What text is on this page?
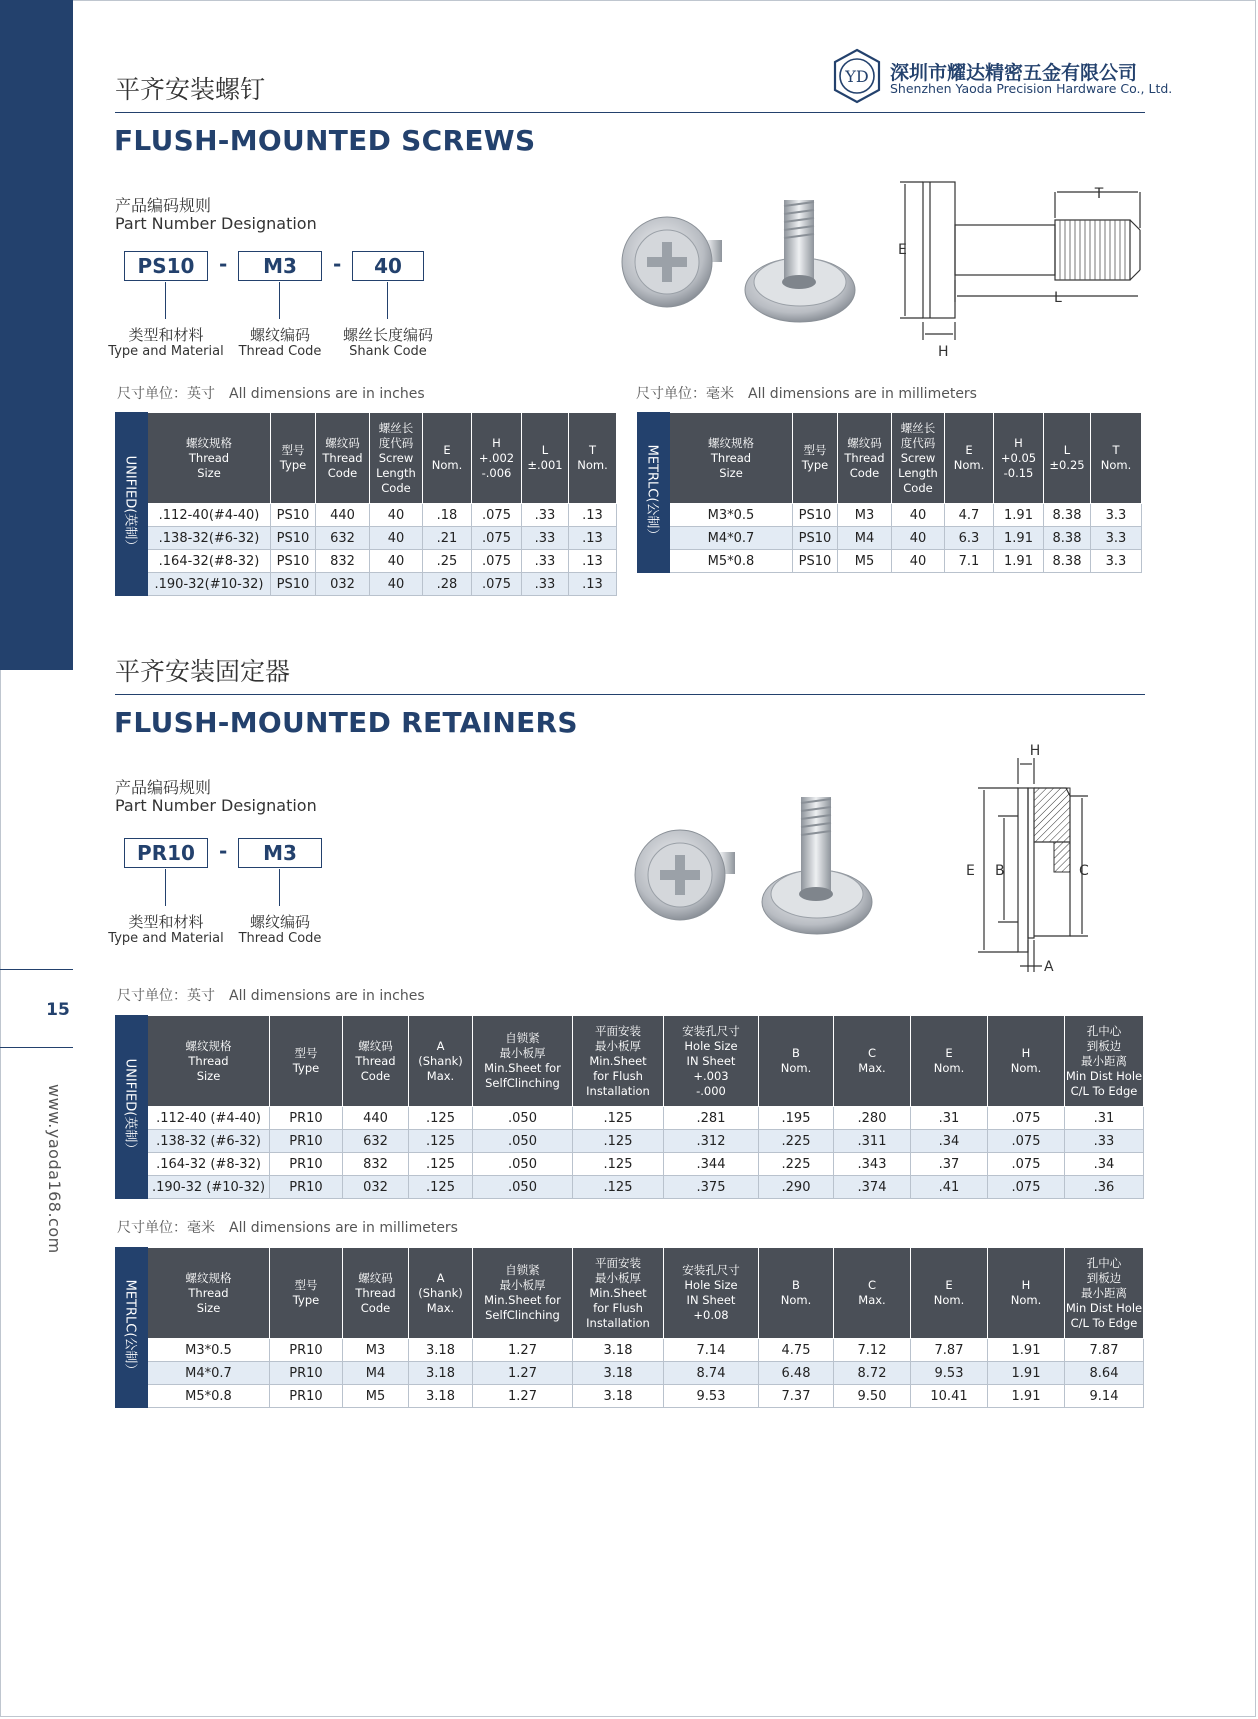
15
www.yaoda168.com
YD 深圳市耀达精密五金有限公司
Shenzhen Yaoda Precision Hardware Co., Ltd.
平齐安装螺钉
FLUSH-MOUNTED SCREWS
产品编码规则
Part Number Designation
PS10	-	M3	-	40
类型和材料
Type and Material
螺纹编码
Thread Code
螺丝长度编码
Shank Code
T
E
L
H
尺寸单位：英寸　All dimensions are in inches	尺寸单位：毫米　All dimensions are in millimeters
UNIFIED(英制）	螺纹规格
Thread
Size	型号
Type	螺纹码
Thread
Code	螺丝长
度代码
Screw
Length
Code	E
Nom.	H
+.002
-.006	L
±.001	T
Nom.
	.112-40(#4-40)	PS10	440	40	.18	.075	.33	.13
	.138-32(#6-32)	PS10	632	40	.21	.075	.33	.13
	.164-32(#8-32)	PS10	832	40	.25	.075	.33	.13
	.190-32(#10-32)	PS10	032	40	.28	.075	.33	.13
METRLC(公制）	螺纹规格
Thread
Size	型号
Type	螺纹码
Thread
Code	螺丝长
度代码
Screw
Length
Code	E
Nom.	H
+0.05
-0.15	L
±0.25	T
Nom.
	M3*0.5	PS10	M3	40	4.7	1.91	8.38	3.3
	M4*0.7	PS10	M4	40	6.3	1.91	8.38	3.3
	M5*0.8	PS10	M5	40	7.1	1.91	8.38	3.3
平齐安装固定器
FLUSH-MOUNTED RETAINERS
产品编码规则
Part Number Designation
PR10	-	M3
类型和材料
Type and Material
螺纹编码
Thread Code
H
E B	C
A
尺寸单位：英寸　All dimensions are in inches
UNIFIED(英制）	螺纹规格
Thread
Size	型号
Type	螺纹码
Thread
Code	A
(Shank)
Max.	自锁紧
最小板厚
Min.Sheet for
SelfClinching	平面安装
最小板厚
Min.Sheet
for Flush
Installation	安装孔尺寸
Hole Size
IN Sheet
+.003
-.000	B
Nom.	C
Max.	E
Nom.	H
Nom.	孔中心
到板边
最小距离
Min Dist Hole
C/L To Edge
	.112-40 (#4-40)	PR10	440	.125	.050	.125	.281	.195	.280	.31	.075	.31
	.138-32 (#6-32)	PR10	632	.125	.050	.125	.312	.225	.311	.34	.075	.33
	.164-32 (#8-32)	PR10	832	.125	.050	.125	.344	.225	.343	.37	.075	.34
	.190-32 (#10-32)	PR10	032	.125	.050	.125	.375	.290	.374	.41	.075	.36
尺寸单位：毫米　All dimensions are in millimeters
METRLC(公制）	螺纹规格
Thread
Size	型号
Type	螺纹码
Thread
Code	A
(Shank)
Max.	自锁紧
最小板厚
Min.Sheet for
SelfClinching	平面安装
最小板厚
Min.Sheet
for Flush
Installation	安装孔尺寸
Hole Size
IN Sheet
+0.08	B
Nom.	C
Max.	E
Nom.	H
Nom.	孔中心
到板边
最小距离
Min Dist Hole
C/L To Edge
	M3*0.5	PR10	M3	3.18	1.27	3.18	7.14	4.75	7.12	7.87	1.91	7.87
	M4*0.7	PR10	M4	3.18	1.27	3.18	8.74	6.48	8.72	9.53	1.91	8.64
	M5*0.8	PR10	M5	3.18	1.27	3.18	9.53	7.37	9.50	10.41	1.91	9.14
